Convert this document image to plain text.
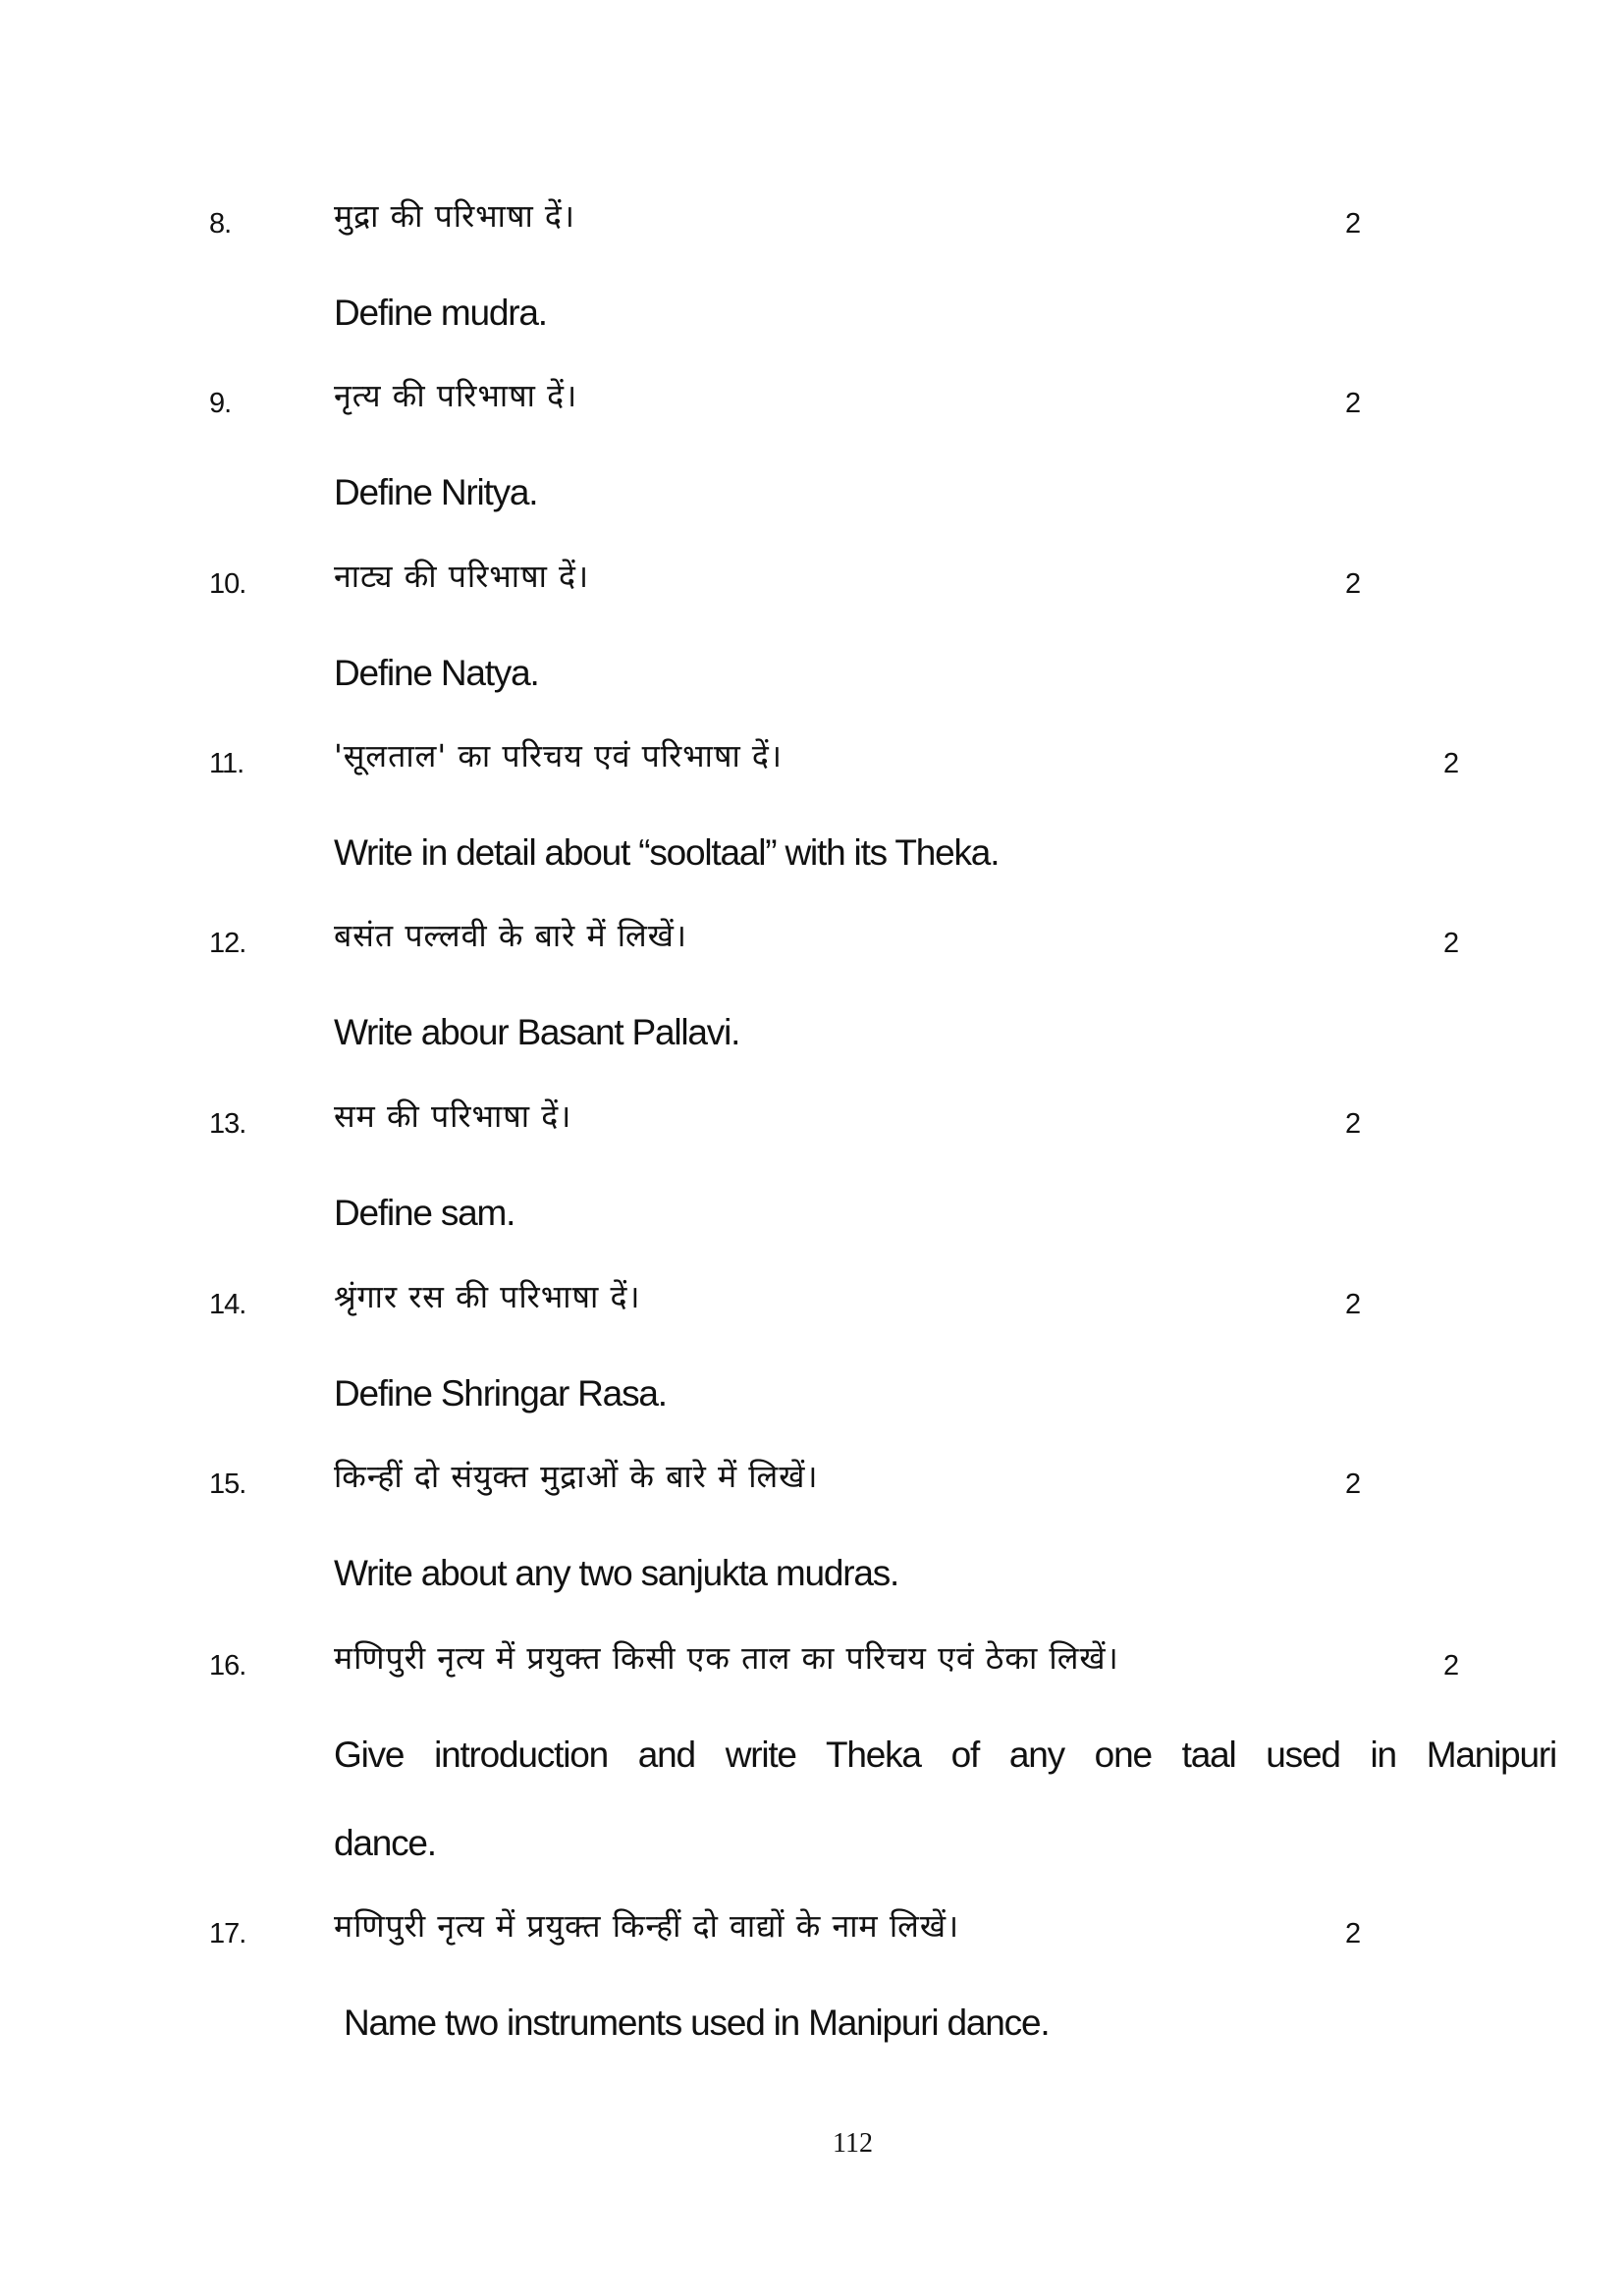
8.	मुद्रा की परिभाषा दें।	2
Define mudra.
9.	नृत्य की परिभाषा दें।	2
Define Nritya.
10.	नाट्य की परिभाषा दें।	2
Define Natya.
11.	'सूलताल' का परिचय एवं परिभाषा दें।	2
Write in detail about “sooltaal” with its Theka.
12.	बसंत पल्लवी के बारे में लिखें।	2
Write abour Basant Pallavi.
13.	सम की परिभाषा दें।	2
Define sam.
14.	श्रृंगार रस की परिभाषा दें।	2
Define Shringar Rasa.
15.	किन्हीं दो संयुक्त मुद्राओं के बारे में लिखें।	2
Write about any two sanjukta mudras.
16.	मणिपुरी नृत्य में प्रयुक्त किसी एक ताल का परिचय एवं ठेका लिखें।	2
Give introduction and write Theka of any one taal used in Manipuri
dance.
17.	मणिपुरी नृत्य में प्रयुक्त किन्हीं दो वाद्यों के नाम लिखें।	2
Name two instruments used in Manipuri dance.
112
